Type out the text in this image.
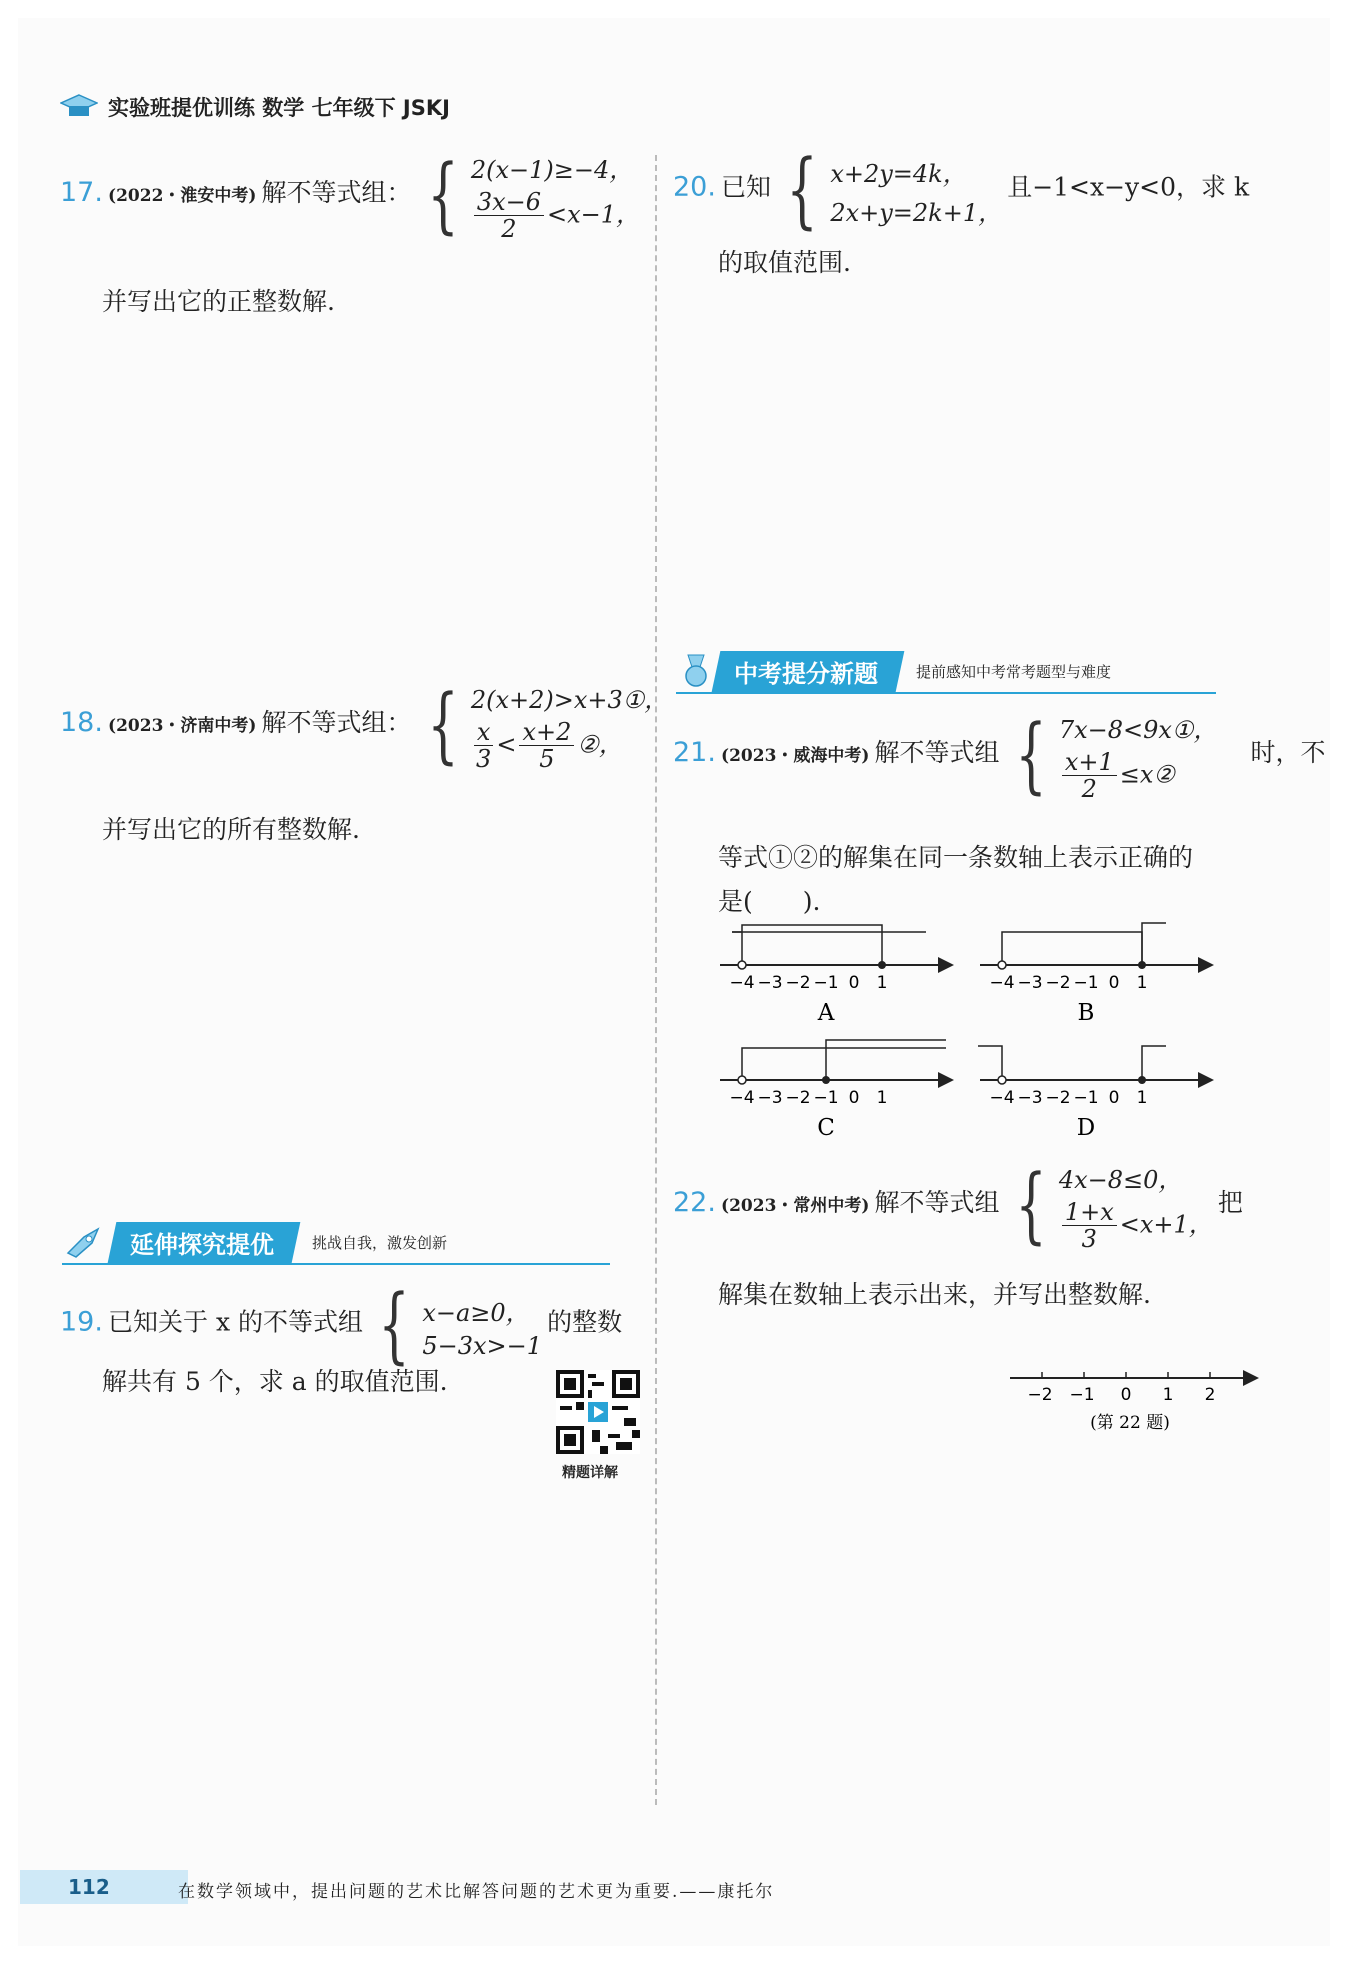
实验班提优训练 数学 七年级下 JSKJ
17. (2022・淮安中考) 解不等式组： { 2(x−1)≥−4，
$\frac{3x-6}{2} <x-1$，
并写出它的正整数解.
18. (2023・济南中考) 解不等式组： { 2(x+2)>x+3①，
$\frac{x}{3} < \frac{x+2}{5}$ ②，
并写出它的所有整数解.
延伸探究提优	挑战自我，激发创新
19. 已知关于 x 的不等式组 { x−a≥0，
5−3x>−1
的整数
解共有 5 个，求 a 的取值范围.
精题详解
20. 已知 { x+2y=4k，
2x+y=2k+1，
且−1<x−y<0，求 k
的取值范围.
中考提分新题	提前感知中考常考题型与难度
21. (2023・威海中考) 解不等式组 { 7x−8<9x①，
$\frac{x+1}{2}$ ≤x②
时，不
等式①②的解集在同一条数轴上表示正确的
是(　　).
−4 −3 −2 −1 0 1
A
−4 −3 −2 −1 0 1
B
−4 −3 −2 −1 0 1
C
−4 −3 −2 −1 0 1
D
22. (2023・常州中考) 解不等式组 { 4x−8≤0，
$\frac{1+x}{3} <x+1$，
把
解集在数轴上表示出来，并写出整数解.
−2 −1 0 1 2
(第 22 题)
112	在数学领域中，提出问题的艺术比解答问题的艺术更为重要.——康托尔
